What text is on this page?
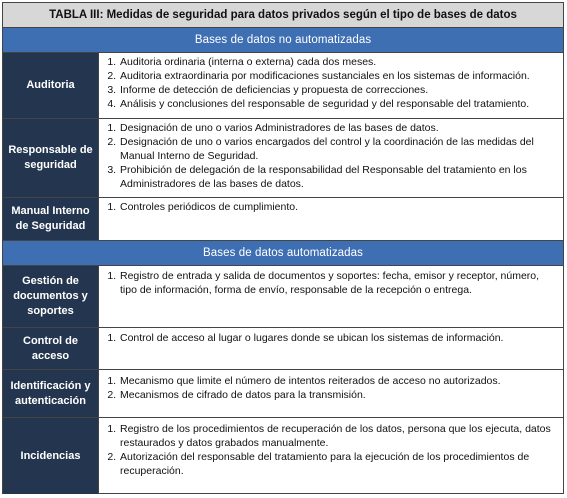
TABLA III: Medidas de seguridad para datos privados según el tipo de bases de datos
Bases de datos no automatizadas
Auditoria
1. Auditoria ordinaria (interna o externa) cada dos meses.
2. Auditoria extraordinaria por modificaciones sustanciales en los sistemas de información.
3. Informe de detección de deficiencias y propuesta de correcciones.
4. Análisis y conclusiones del responsable de seguridad y del responsable del tratamiento.
Responsable de seguridad
1. Designación de uno o varios Administradores de las bases de datos.
2. Designación de uno o varios encargados del control y la coordinación de las medidas del Manual Interno de Seguridad.
3. Prohibición de delegación de la responsabilidad del Responsable del tratamiento en los Administradores de las bases de datos.
Manual Interno de Seguridad
1. Controles periódicos de cumplimiento.
Bases de datos automatizadas
Gestión de documentos y soportes
1. Registro de entrada y salida de documentos y soportes: fecha, emisor y receptor, número, tipo de información, forma de envío, responsable de la recepción o entrega.
Control de acceso
1. Control de acceso al lugar o lugares donde se ubican los sistemas de información.
Identificación y autenticación
1. Mecanismo que limite el número de intentos reiterados de acceso no autorizados.
2. Mecanismos de cifrado de datos para la transmisión.
Incidencias
1. Registro de los procedimientos de recuperación de los datos, persona que los ejecuta, datos restaurados y datos grabados manualmente.
2. Autorización del responsable del tratamiento para la ejecución de los procedimientos de recuperación.
